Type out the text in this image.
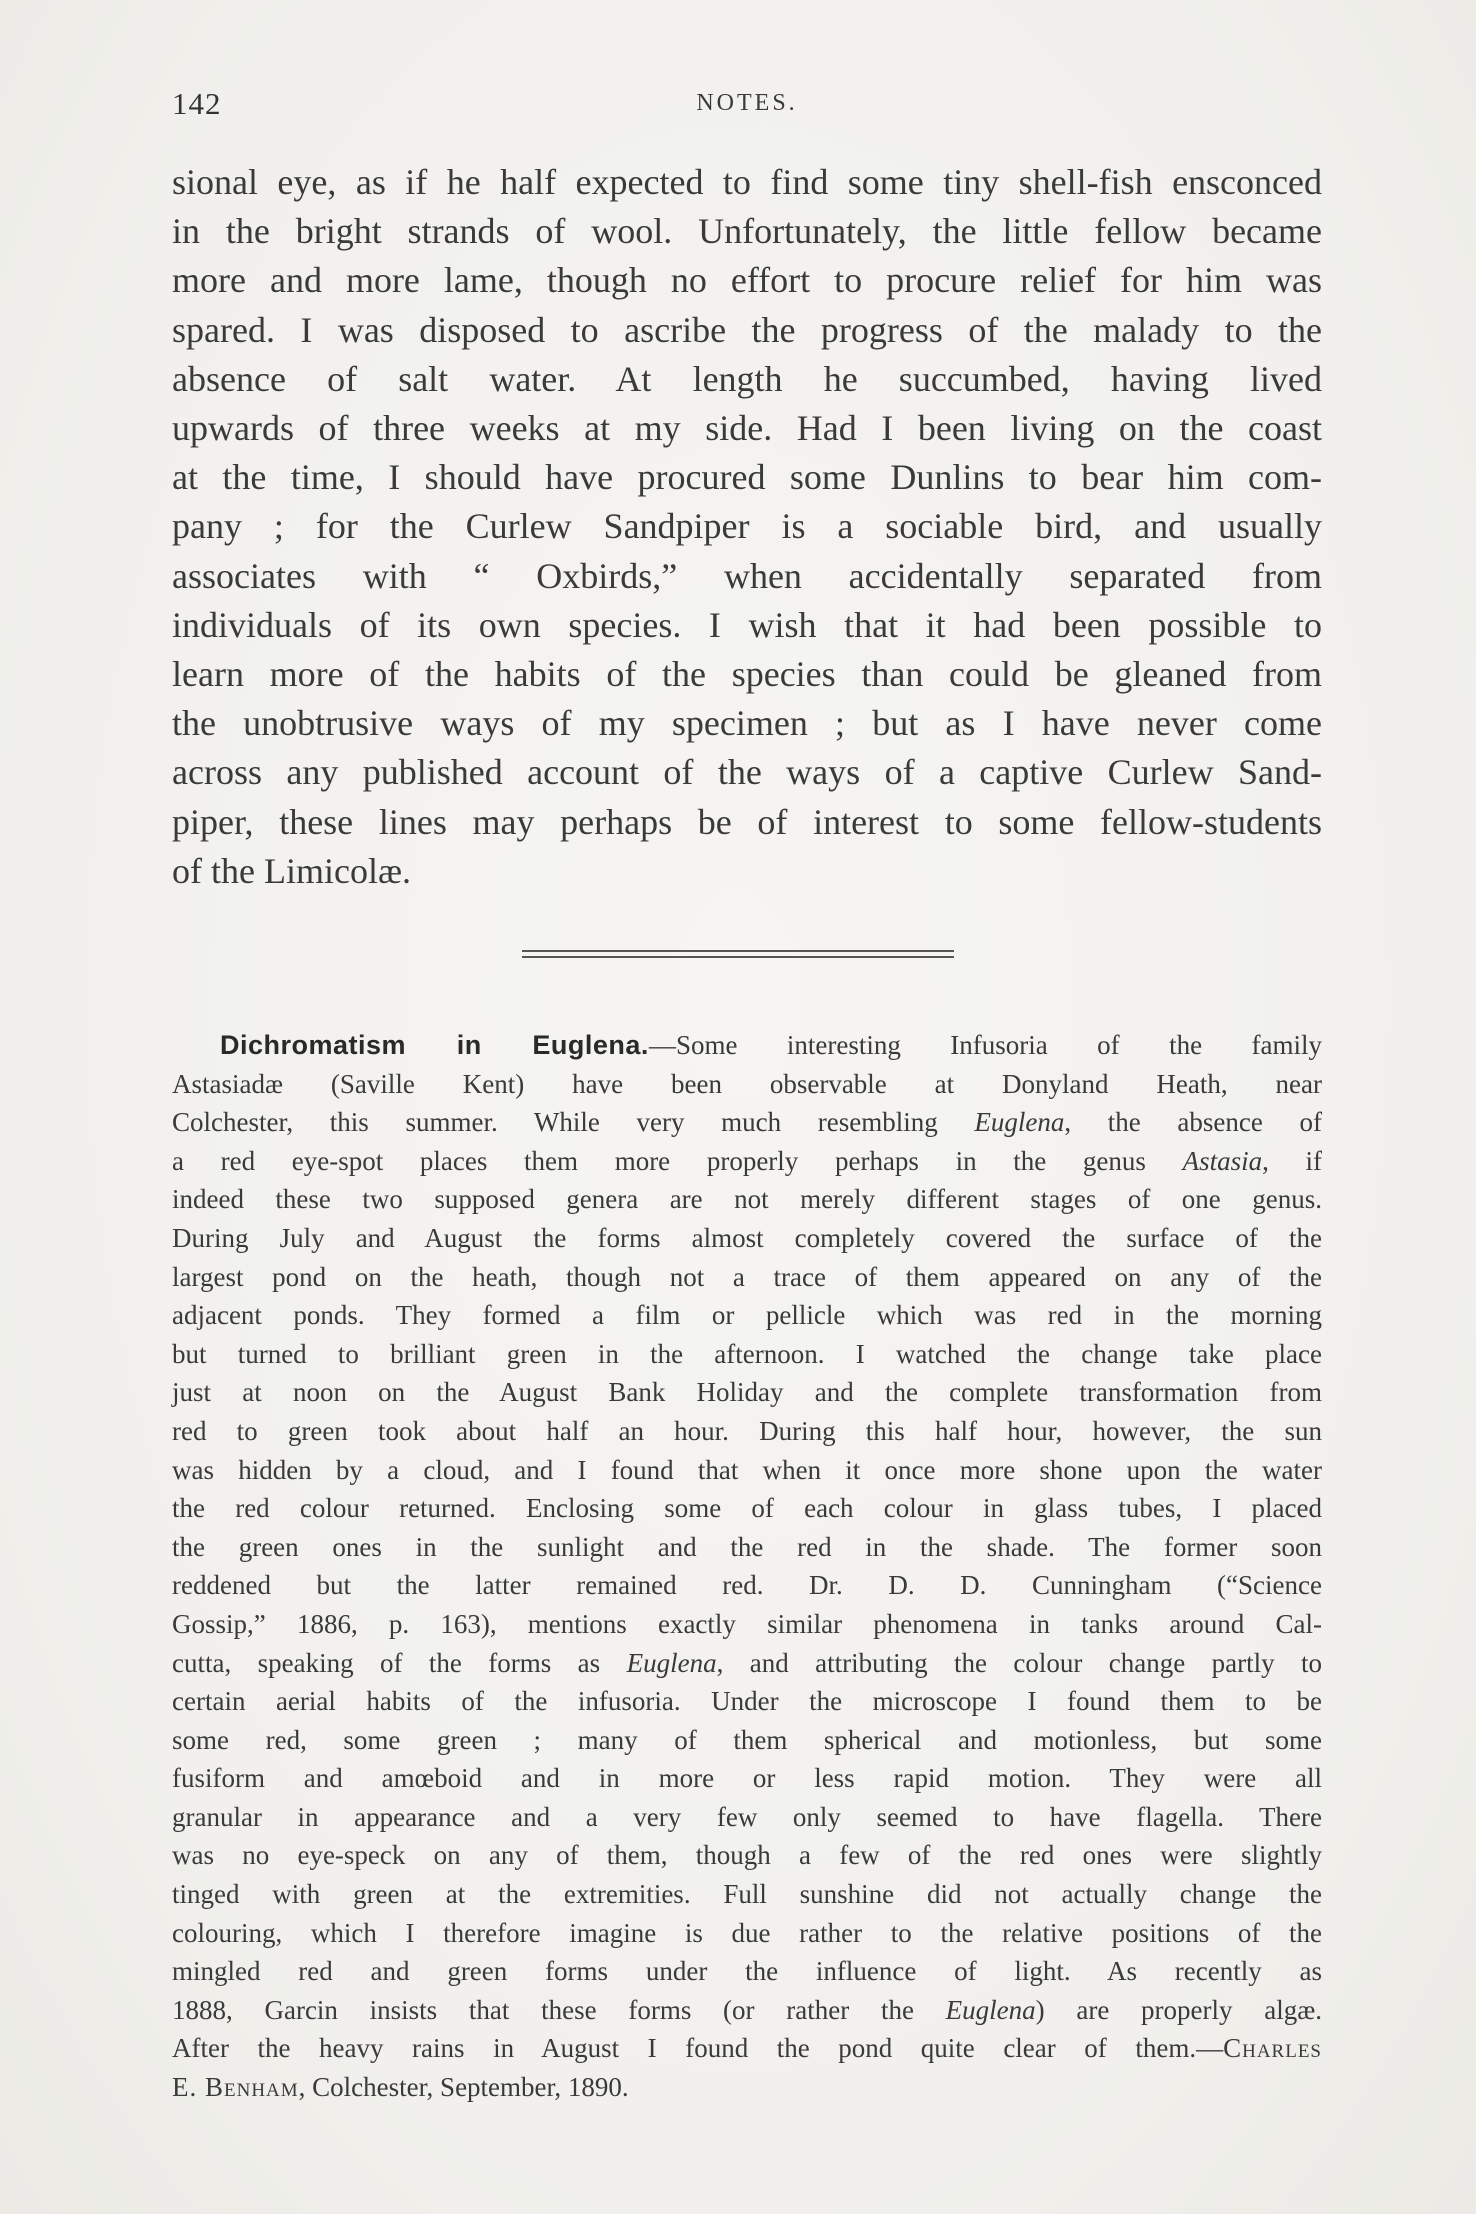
142	NOTES.
sional eye, as if he half expected to find some tiny shell-fish ensconced
in the bright strands of wool. Unfortunately, the little fellow became
more and more lame, though no effort to procure relief for him was
spared. I was disposed to ascribe the progress of the malady to the
absence of salt water. At length he succumbed, having lived
upwards of three weeks at my side. Had I been living on the coast
at the time, I should have procured some Dunlins to bear him com-
pany ; for the Curlew Sandpiper is a sociable bird, and usually
associates with “ Oxbirds,” when accidentally separated from
individuals of its own species. I wish that it had been possible to
learn more of the habits of the species than could be gleaned from
the unobtrusive ways of my specimen ; but as I have never come
across any published account of the ways of a captive Curlew Sand-
piper, these lines may perhaps be of interest to some fellow-students
of the Limicolæ.
Dichromatism in Euglena.—Some interesting Infusoria of the family
Astasiadæ (Saville Kent) have been observable at Donyland Heath, near
Colchester, this summer. While very much resembling Euglena, the absence of
a red eye-spot places them more properly perhaps in the genus Astasia, if
indeed these two supposed genera are not merely different stages of one genus.
During July and August the forms almost completely covered the surface of the
largest pond on the heath, though not a trace of them appeared on any of the
adjacent ponds. They formed a film or pellicle which was red in the morning
but turned to brilliant green in the afternoon. I watched the change take place
just at noon on the August Bank Holiday and the complete transformation from
red to green took about half an hour. During this half hour, however, the sun
was hidden by a cloud, and I found that when it once more shone upon the water
the red colour returned. Enclosing some of each colour in glass tubes, I placed
the green ones in the sunlight and the red in the shade. The former soon
reddened but the latter remained red. Dr. D. D. Cunningham (“Science
Gossip,” 1886, p. 163), mentions exactly similar phenomena in tanks around Cal-
cutta, speaking of the forms as Euglena, and attributing the colour change partly to
certain aerial habits of the infusoria. Under the microscope I found them to be
some red, some green ; many of them spherical and motionless, but some
fusiform and amœboid and in more or less rapid motion. They were all
granular in appearance and a very few only seemed to have flagella. There
was no eye-speck on any of them, though a few of the red ones were slightly
tinged with green at the extremities. Full sunshine did not actually change the
colouring, which I therefore imagine is due rather to the relative positions of the
mingled red and green forms under the influence of light. As recently as
1888, Garcin insists that these forms (or rather the Euglena) are properly algæ.
After the heavy rains in August I found the pond quite clear of them.—Charles
E. Benham, Colchester, September, 1890.
